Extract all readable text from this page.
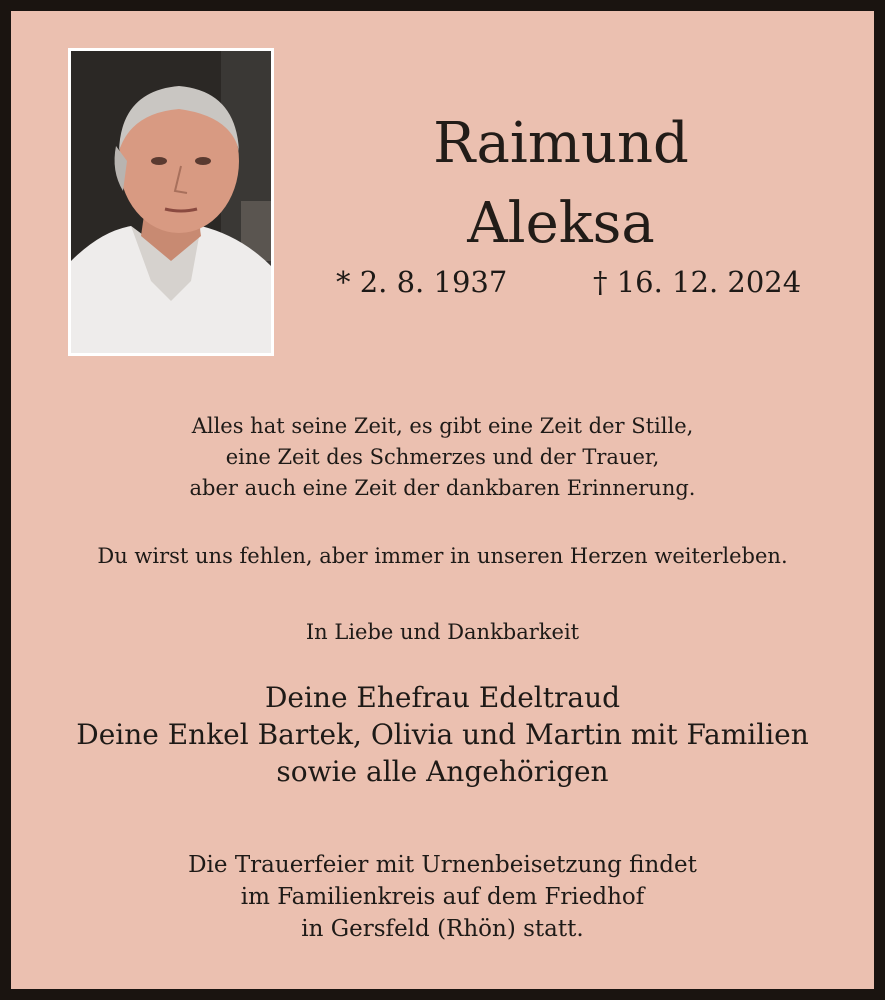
Raimund
Aleksa
* 2. 8. 1937	† 16. 12. 2024
Alles hat seine Zeit, es gibt eine Zeit der Stille,
eine Zeit des Schmerzes und der Trauer,
aber auch eine Zeit der dankbaren Erinnerung.
Du wirst uns fehlen, aber immer in unseren Herzen weiterleben.
In Liebe und Dankbarkeit
Deine Ehefrau Edeltraud
Deine Enkel Bartek, Olivia und Martin mit Familien
sowie alle Angehörigen
Die Trauerfeier mit Urnenbeisetzung findet
im Familienkreis auf dem Friedhof
in Gersfeld (Rhön) statt.
